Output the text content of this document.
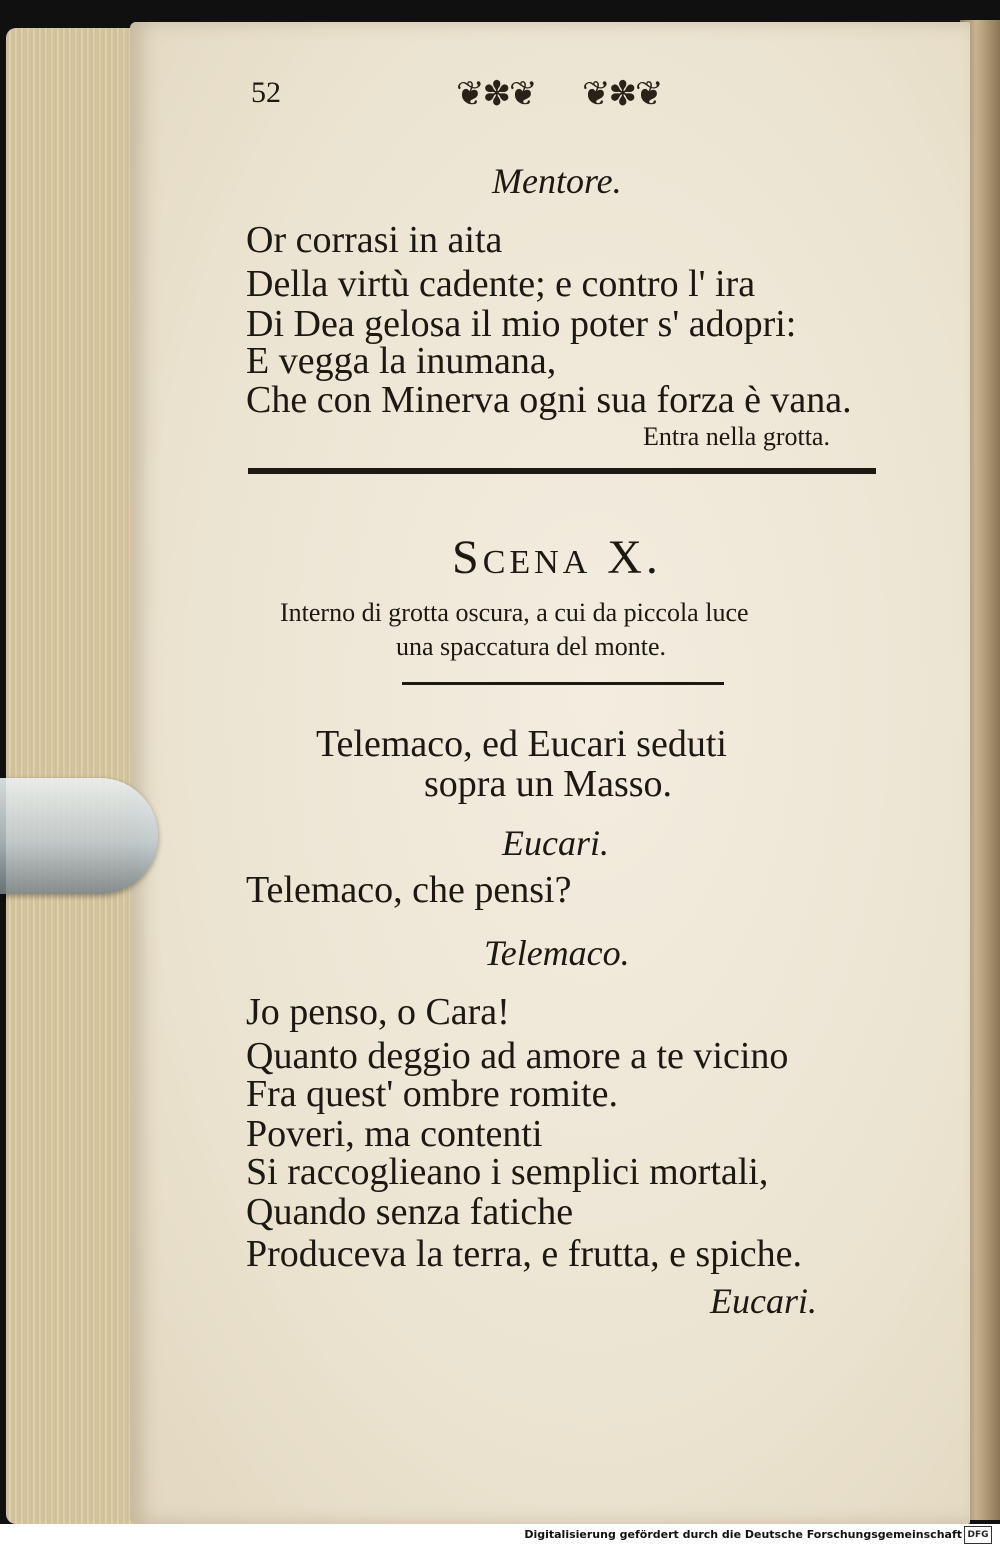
52	❦✽❦ ❦✽❦
Mentore.
Or corrasi in aita
Della virtù cadente; e contro l' ira
Di Dea gelosa il mio poter s' adopri:
E vegga la inumana,
Che con Minerva ogni sua forza è vana.
Entra nella grotta.
Scena X.
Interno di grotta oscura, a cui da piccola luce
una spaccatura del monte.
Telemaco, ed Eucari seduti
sopra un Masso.
Eucari.
Telemaco, che pensi?
Telemaco.
Jo penso, o Cara!
Quanto deggio ad amore a te vicino
Fra quest' ombre romite.
Poveri, ma contenti
Si raccoglieano i semplici mortali,
Quando senza fatiche
Produceva la terra, e frutta, e spiche.
Eucari.
Digitalisierung gefördert durch die Deutsche Forschungsgemeinschaft DFG
